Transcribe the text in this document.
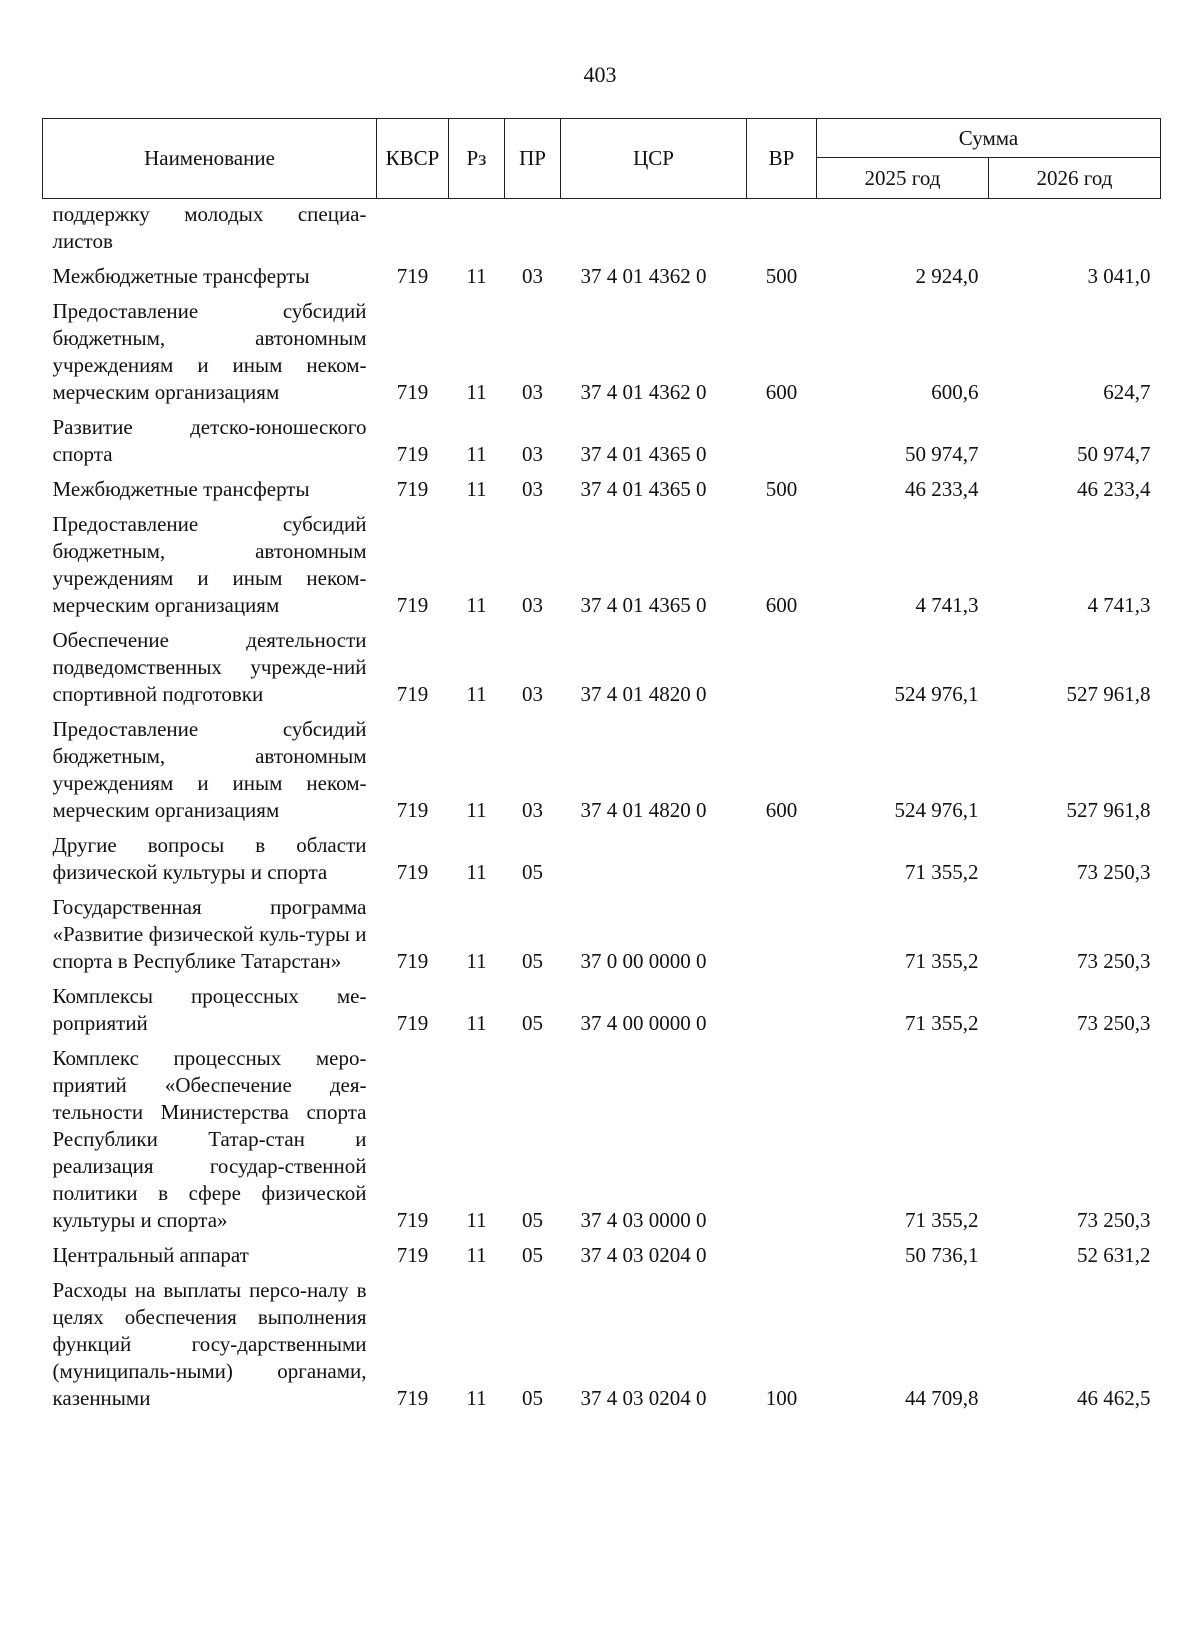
403
Наименование	КВСР	Рз	ПР	ЦСР	ВР	Сумма	
						2025 год	2026 год
поддержку молодых специа-листов							
Межбюджетные трансферты	719	11	03	37 4 01 4362 0	500	2 924,0	3 041,0
Предоставление субсидий бюджетным, автономным учреждениям и иным неком-мерческим организациям	719	11	03	37 4 01 4362 0	600	600,6	624,7
Развитие детско-юношеского спорта	719	11	03	37 4 01 4365 0		50 974,7	50 974,7
Межбюджетные трансферты	719	11	03	37 4 01 4365 0	500	46 233,4	46 233,4
Предоставление субсидий бюджетным, автономным учреждениям и иным неком-мерческим организациям	719	11	03	37 4 01 4365 0	600	4 741,3	4 741,3
Обеспечение деятельности подведомственных учрежде-ний спортивной подготовки	719	11	03	37 4 01 4820 0		524 976,1	527 961,8
Предоставление субсидий бюджетным, автономным учреждениям и иным неком-мерческим организациям	719	11	03	37 4 01 4820 0	600	524 976,1	527 961,8
Другие вопросы в области физической культуры и спорта	719	11	05			71 355,2	73 250,3
Государственная программа «Развитие физической куль-туры и спорта в Республике Татарстан»	719	11	05	37 0 00 0000 0		71 355,2	73 250,3
Комплексы процессных ме-роприятий	719	11	05	37 4 00 0000 0		71 355,2	73 250,3
Комплекс процессных меро-приятий «Обеспечение дея-тельности Министерства спорта Республики Татар-стан и реализация государ-ственной политики в сфере физической культуры и спорта»	719	11	05	37 4 03 0000 0		71 355,2	73 250,3
Центральный аппарат	719	11	05	37 4 03 0204 0		50 736,1	52 631,2
Расходы на выплаты персо-налу в целях обеспечения выполнения функций госу-дарственными (муниципаль-ными) органами, казенными	719	11	05	37 4 03 0204 0	100	44 709,8	46 462,5
